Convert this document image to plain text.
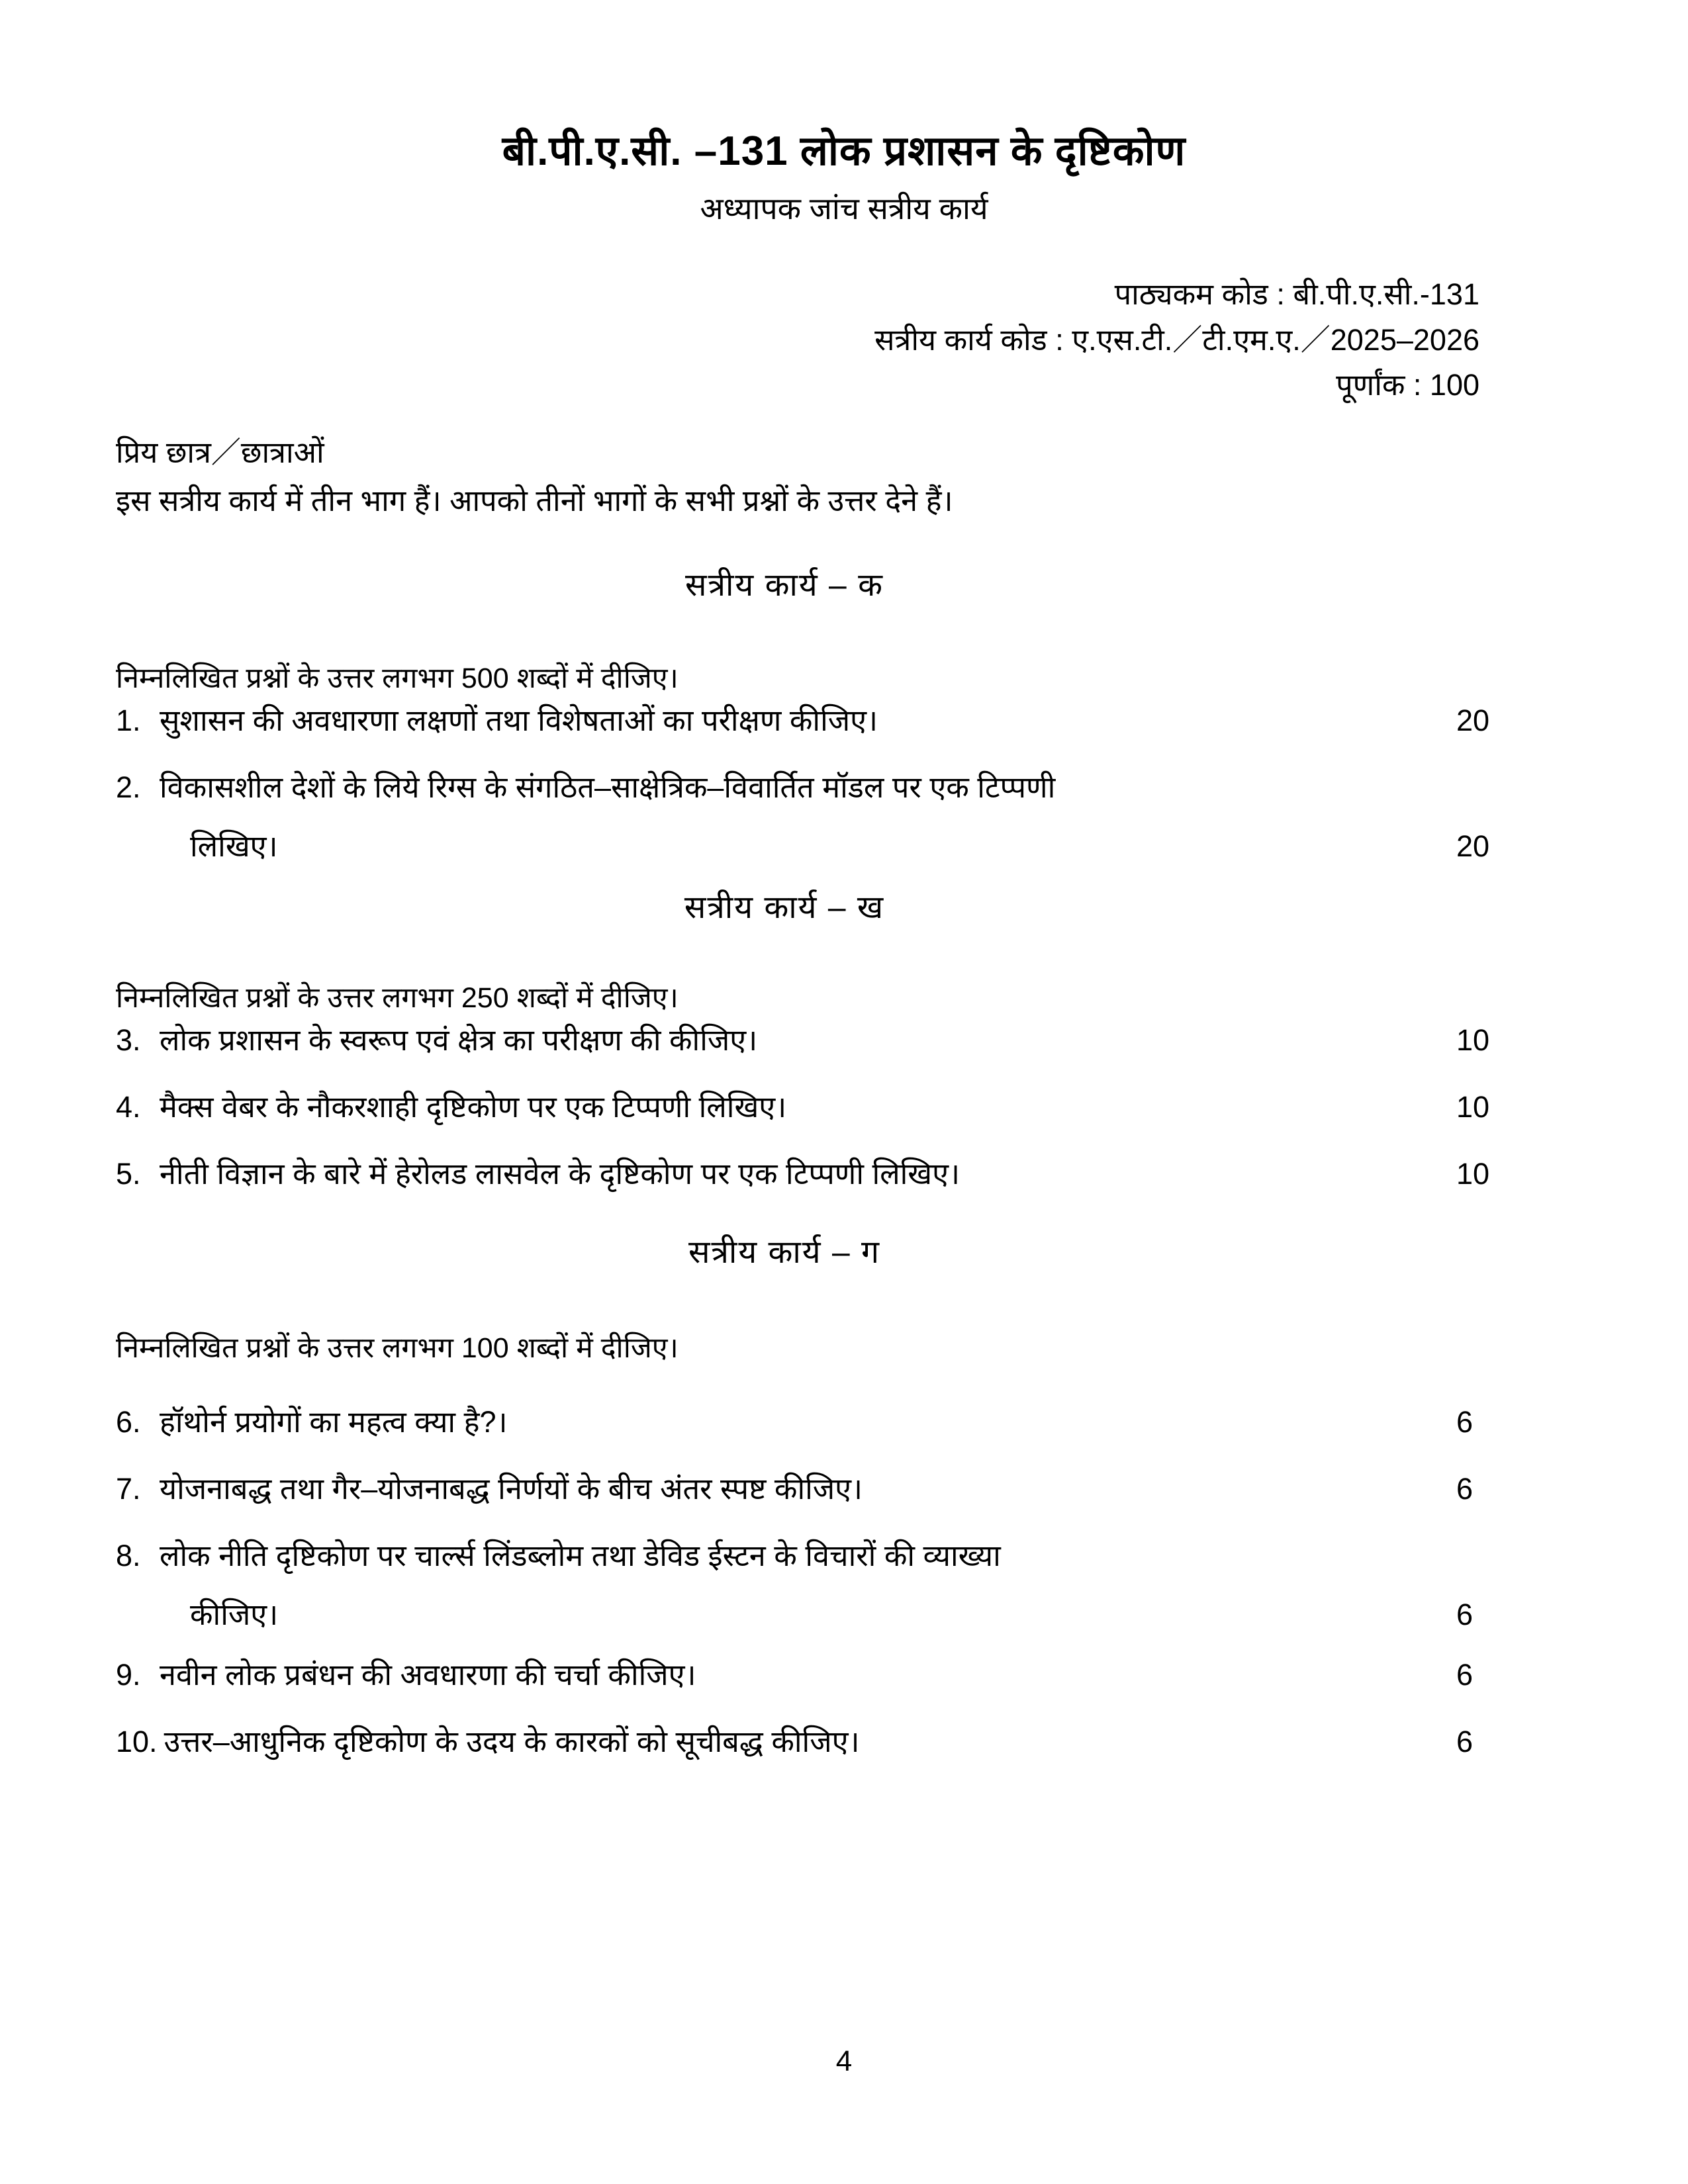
बी.पी.ए.सी. –131 लोक प्रशासन के दृष्टिकोण
अध्यापक जांच सत्रीय कार्य
पाठ्यकम कोड : बी.पी.ए.सी.-131
सत्रीय कार्य कोड : ए.एस.टी.／टी.एम.ए.／2025–2026
पूर्णांक : 100

प्रिय छात्र／छात्राओं

इस सत्रीय कार्य में तीन भाग हैं। आपको तीनों भागों के सभी प्रश्नों के उत्तर देने हैं।

सत्रीय कार्य – क

निम्नलिखित प्रश्नों के उत्तर लगभग 500 शब्दों में दीजिए।

1. सुशासन की अवधारणा लक्षणों तथा विशेषताओं का परीक्षण कीजिए।	20
2. विकासशील देशों के लिये रिग्स के संगठित–साक्षेत्रिक–विवार्तित मॉडल पर एक टिप्पणी
लिखिए।	20
सत्रीय कार्य – ख

निम्नलिखित प्रश्नों के उत्तर लगभग 250 शब्दों में दीजिए।

3. लोक प्रशासन के स्वरूप एवं क्षेत्र का परीक्षण की कीजिए।	10
4. मैक्स वेबर के नौकरशाही दृष्टिकोण पर एक टिप्पणी लिखिए।	10
5. नीती विज्ञान के बारे में हेरोलड लासवेल के दृष्टिकोण पर एक टिप्पणी लिखिए।	10
सत्रीय कार्य – ग

निम्नलिखित प्रश्नों के उत्तर लगभग 100 शब्दों में दीजिए।

6. हॉथोर्न प्रयोगों का महत्व क्या है?।	6
7. योजनाबद्ध तथा गैर–योजनाबद्ध निर्णयों के बीच अंतर स्पष्ट कीजिए।	6
8. लोक नीति दृष्टिकोण पर चार्ल्स लिंडब्लोम तथा डेविड ईस्टन के विचारों की व्याख्या
कीजिए।	6
9. नवीन लोक प्रबंधन की अवधारणा की चर्चा कीजिए।	6
10. उत्तर–आधुनिक दृष्टिकोण के उदय के कारकों को सूचीबद्ध कीजिए।	6
4
